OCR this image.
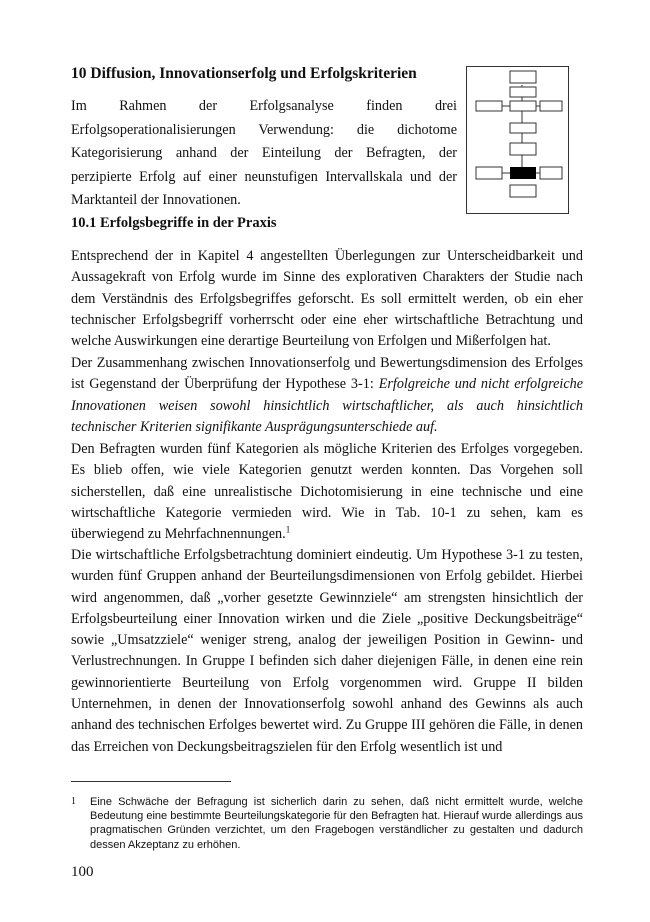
10 Diffusion, Innovationserfolg und Erfolgskriterien
Im Rahmen der Erfolgsanalyse finden drei Erfolgsoperationalisierungen Verwendung: die dichotome Kategorisierung anhand der Einteilung der Befragten, der perzipierte Erfolg auf einer neunstufigen Intervallskala und der Marktanteil der Innovationen.
10.1 Erfolgsbegriffe in der Praxis

Entsprechend der in Kapitel 4 angestellten Überlegungen zur Unterscheidbarkeit und Aussagekraft von Erfolg wurde im Sinne des explorativen Charakters der Studie nach dem Verständnis des Erfolgsbegriffes geforscht. Es soll ermittelt werden, ob ein eher technischer Erfolgsbegriff vorherrscht oder eine eher wirtschaftliche Betrachtung und welche Auswirkungen eine derartige Beurteilung von Erfolgen und Mißerfolgen hat.

Der Zusammenhang zwischen Innovationserfolg und Bewertungsdimension des Erfolges ist Gegenstand der Überprüfung der Hypothese 3-1: Erfolgreiche und nicht erfolgreiche Innovationen weisen sowohl hinsichtlich wirtschaftlicher, als auch hinsichtlich technischer Kriterien signifikante Ausprägungsunterschiede auf.

Den Befragten wurden fünf Kategorien als mögliche Kriterien des Erfolges vorgegeben. Es blieb offen, wie viele Kategorien genutzt werden konnten. Das Vorgehen soll sicherstellen, daß eine unrealistische Dichotomisierung in eine technische und eine wirtschaftliche Kategorie vermieden wird. Wie in Tab. 10-1 zu sehen, kam es überwiegend zu Mehrfachnennungen.$^1$

Die wirtschaftliche Erfolgsbetrachtung dominiert eindeutig. Um Hypothese 3-1 zu testen, wurden fünf Gruppen anhand der Beurteilungsdimensionen von Erfolg gebildet. Hierbei wird angenommen, daß „vorher gesetzte Gewinnziele“ am strengsten hinsichtlich der Erfolgsbeurteilung einer Innovation wirken und die Ziele „positive Deckungsbeiträge“ sowie „Umsatzziele“ weniger streng, analog der jeweiligen Position in Gewinn- und Verlustrechnungen. In Gruppe I befinden sich daher diejenigen Fälle, in denen eine rein gewinnorientierte Beurteilung von Erfolg vorgenommen wird. Gruppe II bilden Unternehmen, in denen der Innovationserfolg sowohl anhand des Gewinns als auch anhand des technischen Erfolges bewertet wird. Zu Gruppe III gehören die Fälle, in denen das Erreichen von Deckungsbeitragszielen für den Erfolg wesentlich ist und

1 Eine Schwäche der Befragung ist sicherlich darin zu sehen, daß nicht ermittelt wurde, welche Bedeutung eine bestimmte Beurteilungskategorie für den Befragten hat. Hierauf wurde allerdings aus pragmatischen Gründen verzichtet, um den Fragebogen verständlicher zu gestalten und dadurch dessen Akzeptanz zu erhöhen.
100
